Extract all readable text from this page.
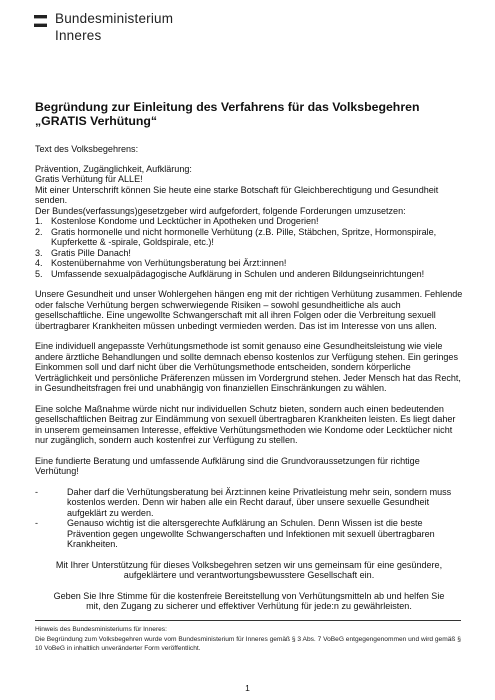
Bundesministerium
Inneres
Begründung zur Einleitung des Verfahrens für das Volksbegehren
„GRATIS Verhütung“

Text des Volksbegehrens:

Prävention, Zugänglichkeit, Aufklärung:

Gratis Verhütung für ALLE!

Mit einer Unterschrift können Sie heute eine starke Botschaft für Gleichberechtigung und Gesundheit senden.

Der Bundes(verfassungs)gesetzgeber wird aufgefordert, folgende Forderungen umzusetzen:

1. Kostenlose Kondome und Lecktücher in Apotheken und Drogerien!
2. Gratis hormonelle und nicht hormonelle Verhütung (z.B. Pille, Stäbchen, Spritze, Hormonspirale, Kupferkette & -spirale, Goldspirale, etc.)!
3. Gratis Pille Danach!
4. Kostenübernahme von Verhütungsberatung bei Ärzt:innen!
5. Umfassende sexualpädagogische Aufklärung in Schulen und anderen Bildungseinrichtungen!

Unsere Gesundheit und unser Wohlergehen hängen eng mit der richtigen Verhütung zusammen. Fehlende oder falsche Verhütung bergen schwerwiegende Risiken – sowohl gesundheitliche als auch gesellschaftliche. Eine ungewollte Schwangerschaft mit all ihren Folgen oder die Verbreitung sexuell übertragbarer Krankheiten müssen unbedingt vermieden werden. Das ist im Interesse von uns allen.

Eine individuell angepasste Verhütungsmethode ist somit genauso eine Gesundheitsleistung wie viele andere ärztliche Behandlungen und sollte demnach ebenso kostenlos zur Verfügung stehen. Ein geringes Einkommen soll und darf nicht über die Verhütungsmethode entscheiden, sondern körperliche Verträglichkeit und persönliche Präferenzen müssen im Vordergrund stehen. Jeder Mensch hat das Recht, in Gesundheitsfragen frei und unabhängig von finanziellen Einschränkungen zu wählen.

Eine solche Maßnahme würde nicht nur individuellen Schutz bieten, sondern auch einen bedeutenden gesellschaftlichen Beitrag zur Eindämmung von sexuell übertragbaren Krankheiten leisten. Es liegt daher in unserem gemeinsamen Interesse, effektive Verhütungsmethoden wie Kondome oder Lecktücher nicht nur zugänglich, sondern auch kostenfrei zur Verfügung zu stellen.

Eine fundierte Beratung und umfassende Aufklärung sind die Grundvoraussetzungen für richtige Verhütung!

-	Daher darf die Verhütungsberatung bei Ärzt:innen keine Privatleistung mehr sein, sondern muss kostenlos werden. Denn wir haben alle ein Recht darauf, über unsere sexuelle Gesundheit aufgeklärt zu werden.
-	Genauso wichtig ist die altersgerechte Aufklärung an Schulen. Denn Wissen ist die beste Prävention gegen ungewollte Schwangerschaften und Infektionen mit sexuell übertragbaren Krankheiten.

Mit Ihrer Unterstützung für dieses Volksbegehren setzen wir uns gemeinsam für eine gesündere, aufgeklärtere und verantwortungsbewusstere Gesellschaft ein.

Geben Sie Ihre Stimme für die kostenfreie Bereitstellung von Verhütungsmitteln ab und helfen Sie mit, den Zugang zu sicherer und effektiver Verhütung für jede:n zu gewährleisten.

Hinweis des Bundesministeriums für Inneres:

Die Begründung zum Volksbegehren wurde vom Bundesministerium für Inneres gemäß § 3 Abs. 7 VoBeG entgegengenommen und wird gemäß § 10 VoBeG in inhaltlich unveränderter Form veröffentlicht.

1
